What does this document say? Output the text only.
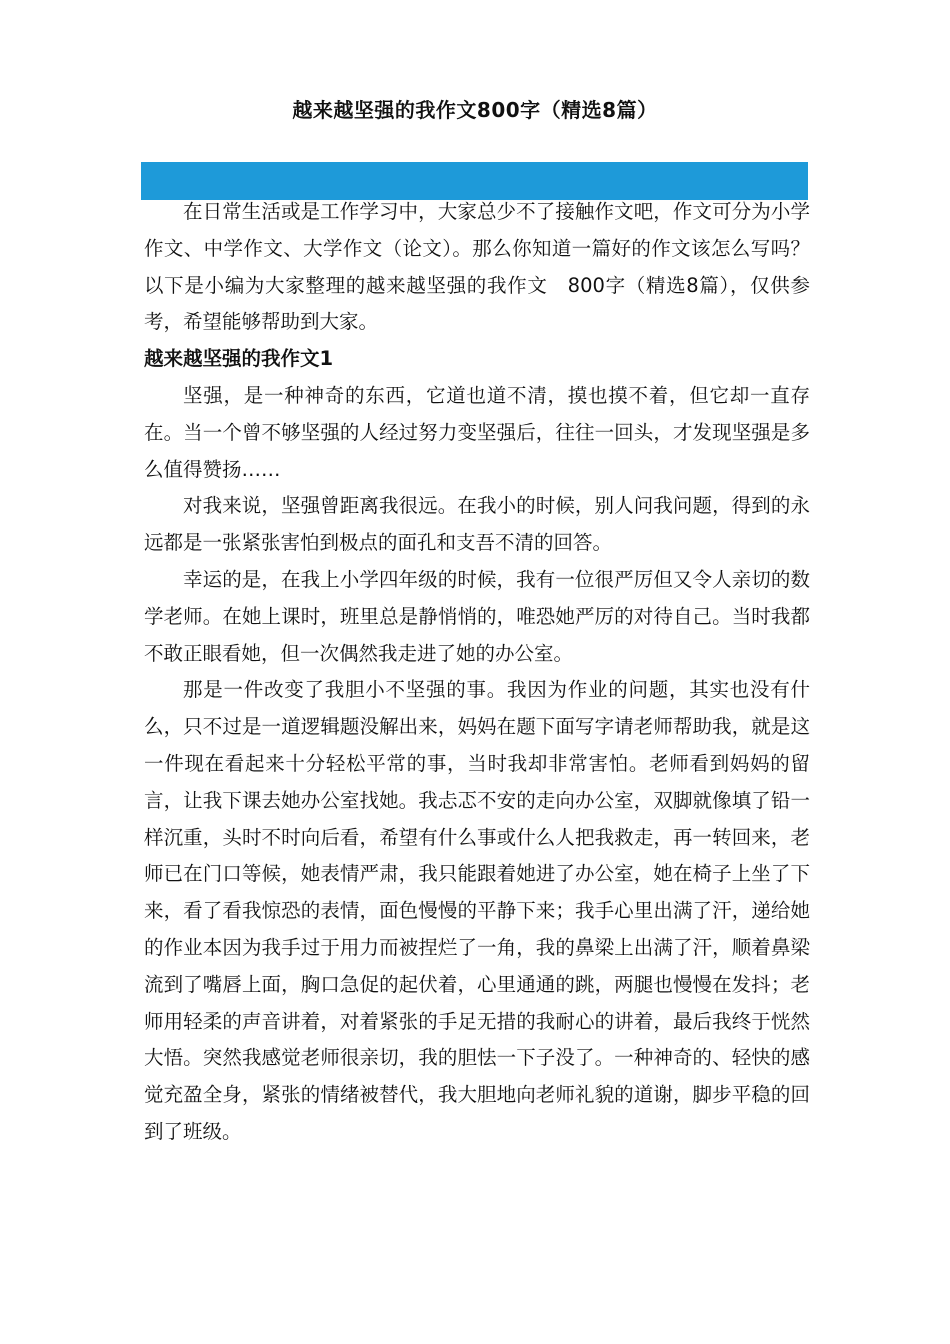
越来越坚强的我作文800字（精选8篇）

在日常生活或是工作学习中，大家总少不了接触作文吧，作文可分为小学作文、中学作文、大学作文（论文）。那么你知道一篇好的作文该怎么写吗？以下是小编为大家整理的越来越坚强的我作文　800字（精选8篇），仅供参考，希望能够帮助到大家。

越来越坚强的我作文1

坚强，是一种神奇的东西，它道也道不清，摸也摸不着，但它却一直存在。当一个曾不够坚强的人经过努力变坚强后，往往一回头，才发现坚强是多么值得赞扬……

对我来说，坚强曾距离我很远。在我小的时候，别人问我问题，得到的永远都是一张紧张害怕到极点的面孔和支吾不清的回答。

幸运的是，在我上小学四年级的时候，我有一位很严厉但又令人亲切的数学老师。在她上课时，班里总是静悄悄的，唯恐她严厉的对待自己。当时我都不敢正眼看她，但一次偶然我走进了她的办公室。

那是一件改变了我胆小不坚强的事。我因为作业的问题，其实也没有什么，只不过是一道逻辑题没解出来，妈妈在题下面写字请老师帮助我，就是这一件现在看起来十分轻松平常的事，当时我却非常害怕。老师看到妈妈的留言，让我下课去她办公室找她。我忐忑不安的走向办公室，双脚就像填了铅一样沉重，头时不时向后看，希望有什么事或什么人把我救走，再一转回来，老师已在门口等候，她表情严肃，我只能跟着她进了办公室，她在椅子上坐了下来，看了看我惊恐的表情，面色慢慢的平静下来；我手心里出满了汗，递给她的作业本因为我手过于用力而被捏烂了一角，我的鼻梁上出满了汗，顺着鼻梁流到了嘴唇上面，胸口急促的起伏着，心里通通的跳，两腿也慢慢在发抖；老师用轻柔的声音讲着，对着紧张的手足无措的我耐心的讲着，最后我终于恍然大悟。突然我感觉老师很亲切，我的胆怯一下子没了。一种神奇的、轻快的感觉充盈全身，紧张的情绪被替代，我大胆地向老师礼貌的道谢，脚步平稳的回到了班级。
